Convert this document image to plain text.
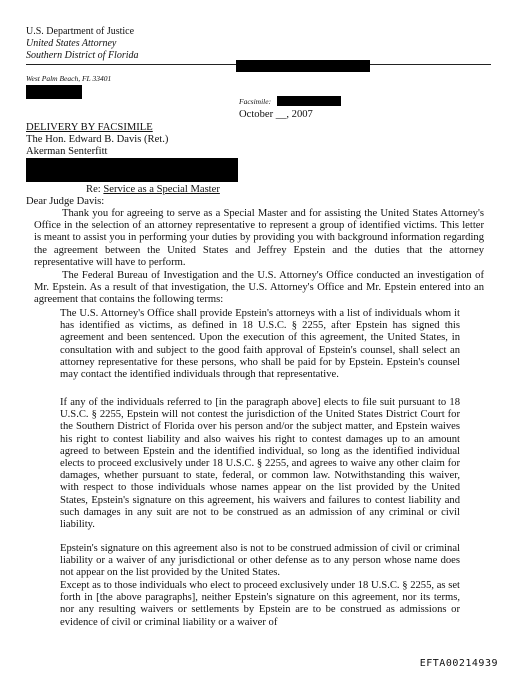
U.S. Department of Justice
United States Attorney
Southern District of Florida
West Palm Beach, FL 33401
Facsimile:
October __, 2007
DELIVERY BY FACSIMILE
The Hon. Edward B. Davis (Ret.)
Akerman Senterfitt
Re: Service as a Special Master
Dear Judge Davis:

Thank you for agreeing to serve as a Special Master and for assisting the United States Attorney's Office in the selection of an attorney representative to represent a group of identified victims. This letter is meant to assist you in performing your duties by providing you with background information regarding the agreement between the United States and Jeffrey Epstein and the duties that the attorney representative will have to perform.

The Federal Bureau of Investigation and the U.S. Attorney's Office conducted an investigation of Mr. Epstein. As a result of that investigation, the U.S. Attorney's Office and Mr. Epstein entered into an agreement that contains the following terms:

The U.S. Attorney's Office shall provide Epstein's attorneys with a list of individuals whom it has identified as victims, as defined in 18 U.S.C. § 2255, after Epstein has signed this agreement and been sentenced. Upon the execution of this agreement, the United States, in consultation with and subject to the good faith approval of Epstein's counsel, shall select an attorney representative for these persons, who shall be paid for by Epstein. Epstein's counsel may contact the identified individuals through that representative.

If any of the individuals referred to [in the paragraph above] elects to file suit pursuant to 18 U.S.C. § 2255, Epstein will not contest the jurisdiction of the United States District Court for the Southern District of Florida over his person and/or the subject matter, and Epstein waives his right to contest liability and also waives his right to contest damages up to an amount agreed to between Epstein and the identified individual, so long as the identified individual elects to proceed exclusively under 18 U.S.C. § 2255, and agrees to waive any other claim for damages, whether pursuant to state, federal, or common law. Notwithstanding this waiver, with respect to those individuals whose names appear on the list provided by the United States, Epstein's signature on this agreement, his waivers and failures to contest liability and such damages in any suit are not to be construed as an admission of any criminal or civil liability.

Epstein's signature on this agreement also is not to be construed admission of civil or criminal liability or a waiver of any jurisdictional or other defense as to any person whose name does not appear on the list provided by the United States.

Except as to those individuals who elect to proceed exclusively under 18 U.S.C. § 2255, as set forth in [the above paragraphs], neither Epstein's signature on this agreement, nor its terms, nor any resulting waivers or settlements by Epstein are to be construed as admissions or evidence of civil or criminal liability or a waiver of

EFTA00214939
